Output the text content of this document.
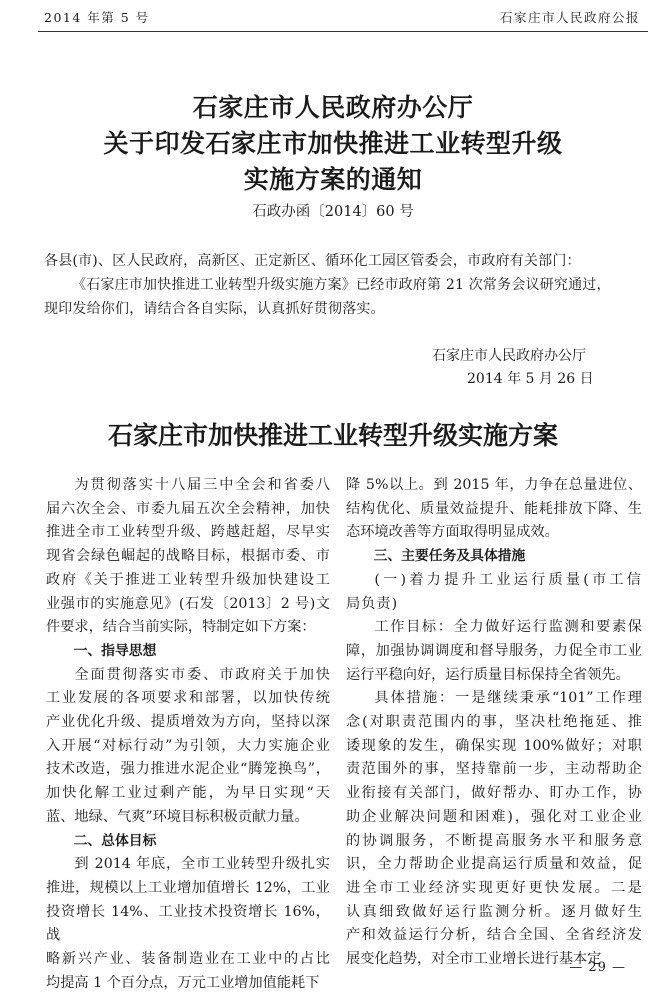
2014 年第 5 号	石家庄市人民政府公报
石家庄市人民政府办公厅
关于印发石家庄市加快推进工业转型升级
实施方案的通知
石政办函〔2014〕60 号
各县(市)、区人民政府，高新区、正定新区、循环化工园区管委会，市政府有关部门：
《石家庄市加快推进工业转型升级实施方案》已经市政府第 21 次常务会议研究通过，
现印发给你们，请结合各自实际，认真抓好贯彻落实。
石家庄市人民政府办公厅
2014 年 5 月 26 日
石家庄市加快推进工业转型升级实施方案

为贯彻落实十八届三中全会和省委八

届六次全会、市委九届五次全会精神，加快

推进全市工业转型升级、跨越赶超，尽早实

现省会绿色崛起的战略目标，根据市委、市

政府《关于推进工业转型升级加快建设工

业强市的实施意见》(石发〔2013〕2 号)文

件要求，结合当前实际，特制定如下方案：

一、指导思想

全面贯彻落实市委、市政府关于加快

工业发展的各项要求和部署，以加快传统

产业优化升级、提质增效为方向，坚持以深

入开展“对标行动”为引领，大力实施企业

技术改造，强力推进水泥企业“腾笼换鸟”，

加快化解工业过剩产能，为早日实现“天

蓝、地绿、气爽”环境目标积极贡献力量。

二、总体目标

到 2014 年底，全市工业转型升级扎实

推进，规模以上工业增加值增长 12%，工业

投资增长 14%、工业技术投资增长 16%，战

略新兴产业、装备制造业在工业中的占比

均提高 1 个百分点，万元工业增加值能耗下

降 5%以上。到 2015 年，力争在总量进位、

结构优化、质量效益提升、能耗排放下降、生

态环境改善等方面取得明显成效。

三、主要任务及具体措施

(一)着力提升工业运行质量(市工信

局负责)

工作目标：全力做好运行监测和要素保

障，加强协调调度和督导服务，力促全市工业

运行平稳向好，运行质量目标保持全省领先。

具体措施：一是继续秉承“101”工作理

念(对职责范围内的事，坚决杜绝拖延、推

诿现象的发生，确保实现 100%做好；对职

责范围外的事，坚持靠前一步，主动帮助企

业衔接有关部门，做好帮办、盯办工作，协

助企业解决问题和困难)，强化对工业企业

的协调服务，不断提高服务水平和服务意

识，全力帮助企业提高运行质量和效益，促

进全市工业经济实现更好更快发展。二是

认真细致做好运行监测分析。逐月做好生

产和效益运行分析，结合全国、全省经济发

展变化趋势，对全市工业增长进行基本定

— 29 —
